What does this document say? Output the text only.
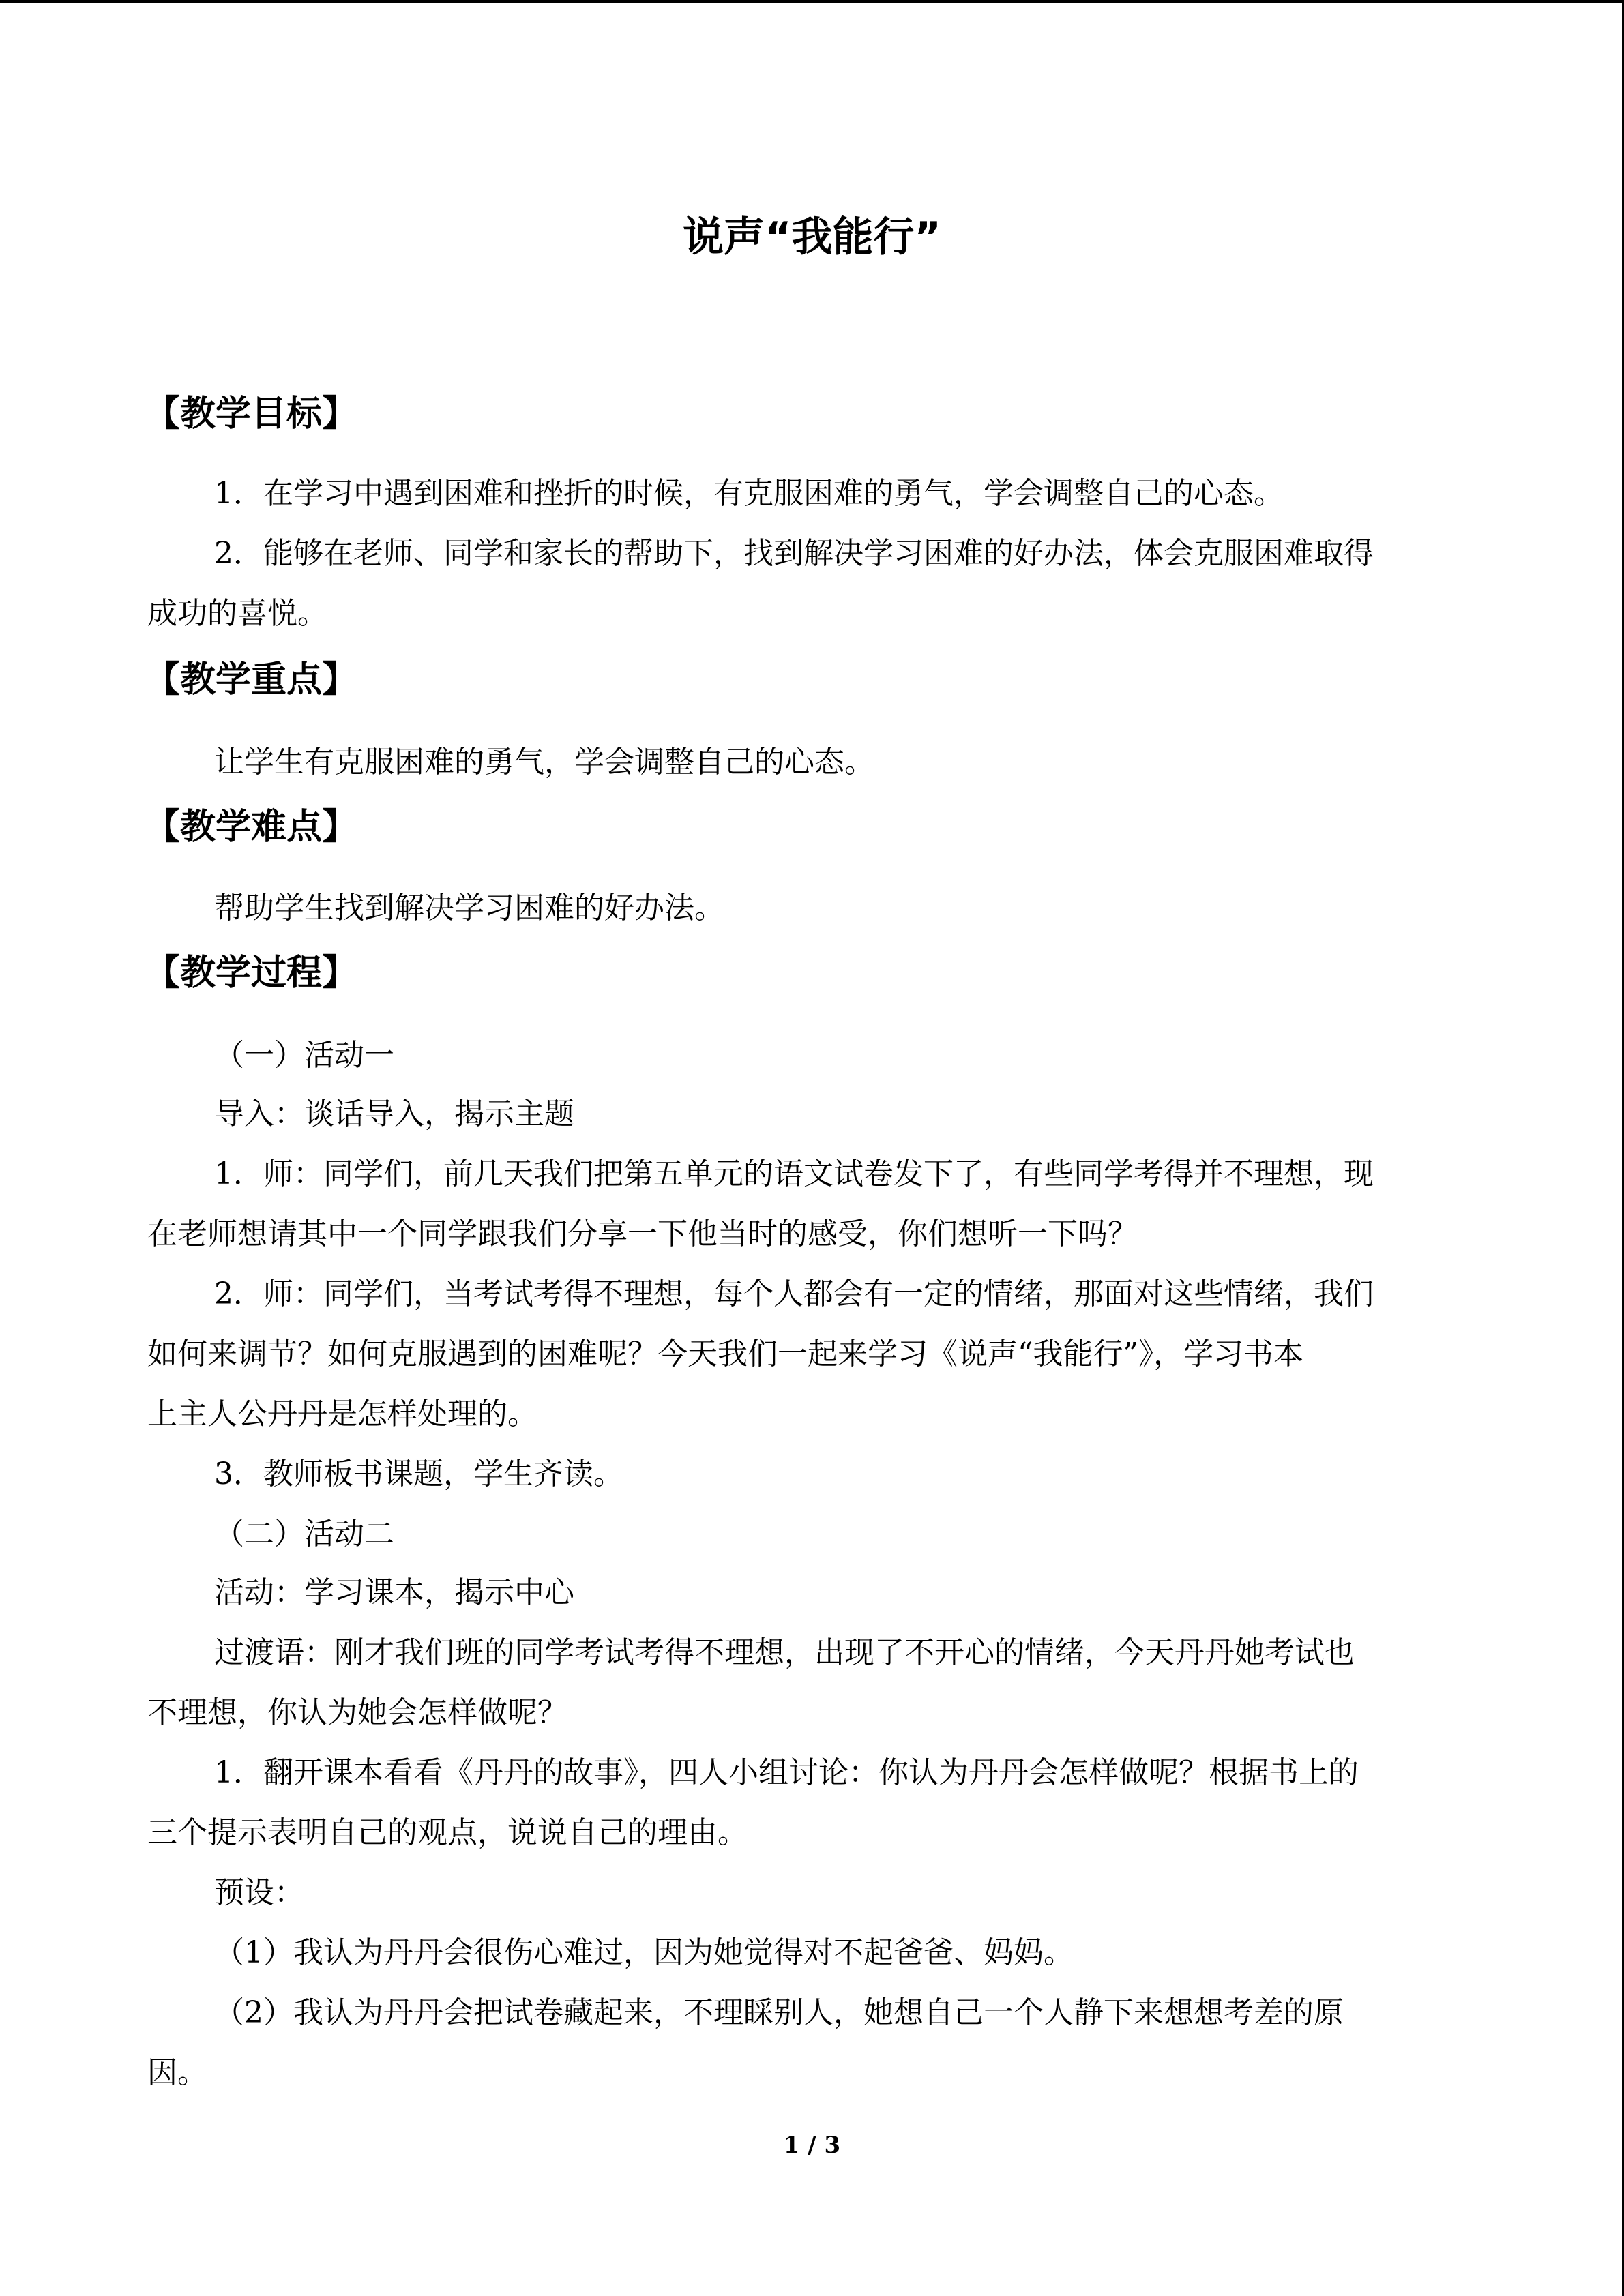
说声“我能行”
【教学目标】
1．在学习中遇到困难和挫折的时候，有克服困难的勇气，学会调整自己的心态。
2．能够在老师、同学和家长的帮助下，找到解决学习困难的好办法，体会克服困难取得
成功的喜悦。
【教学重点】
让学生有克服困难的勇气，学会调整自己的心态。
【教学难点】
帮助学生找到解决学习困难的好办法。
【教学过程】
（一）活动一
导入：谈话导入，揭示主题
1．师：同学们，前几天我们把第五单元的语文试卷发下了，有些同学考得并不理想，现
在老师想请其中一个同学跟我们分享一下他当时的感受，你们想听一下吗？
2．师：同学们，当考试考得不理想，每个人都会有一定的情绪，那面对这些情绪，我们
如何来调节？如何克服遇到的困难呢？今天我们一起来学习《说声“我能行”》，学习书本
上主人公丹丹是怎样处理的。
3．教师板书课题，学生齐读。
（二）活动二
活动：学习课本，揭示中心
过渡语：刚才我们班的同学考试考得不理想，出现了不开心的情绪，今天丹丹她考试也
不理想，你认为她会怎样做呢？
1．翻开课本看看《丹丹的故事》，四人小组讨论：你认为丹丹会怎样做呢？根据书上的
三个提示表明自己的观点，说说自己的理由。
预设：
（1）我认为丹丹会很伤心难过，因为她觉得对不起爸爸、妈妈。
（2）我认为丹丹会把试卷藏起来，不理睬别人，她想自己一个人静下来想想考差的原
因。
1 / 3
